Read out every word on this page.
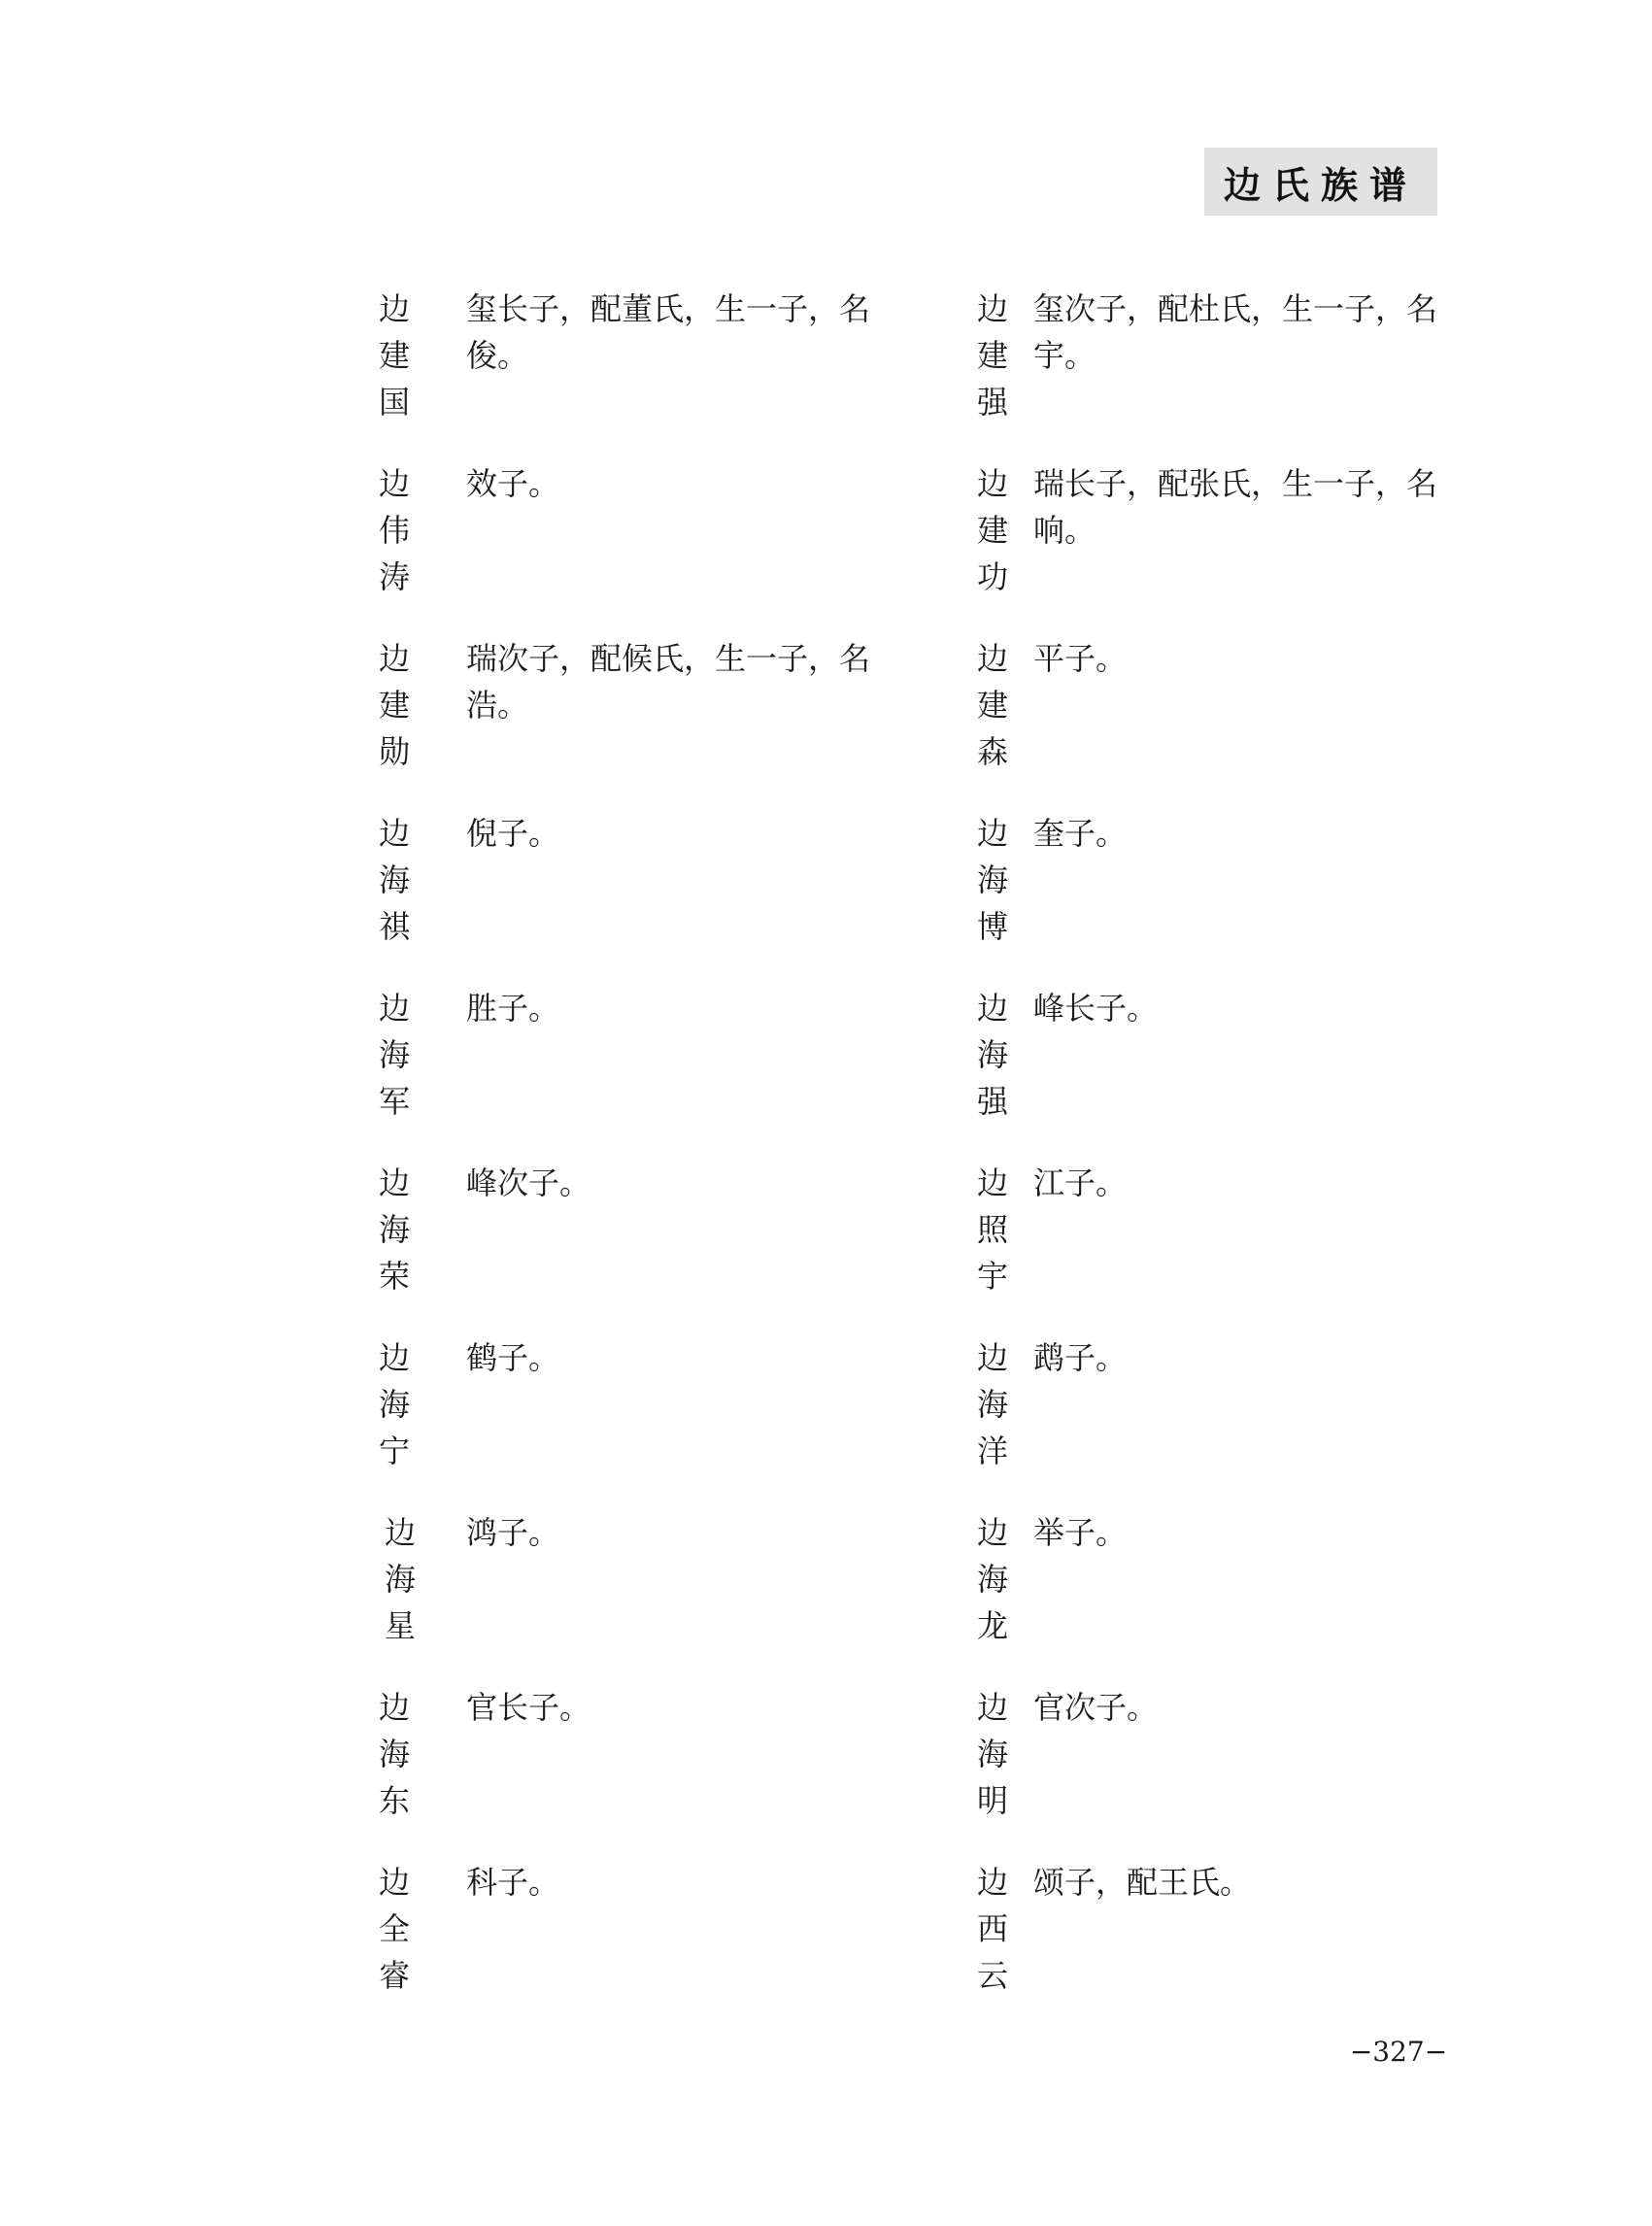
边氏族谱
边建国
玺长子，配董氏，生一子，名俊。
边伟涛
效子。
边建勋
瑞次子，配候氏，生一子，名浩。
边海祺
倪子。
边海军
胜子。
边海荣
峰次子。
边海宁
鹤子。
边海星
鸿子。
边海东
官长子。
边全睿
科子。
边建强
玺次子，配杜氏，生一子，名宇。
边建功
瑞长子，配张氏，生一子，名响。
边建森
平子。
边海博
奎子。
边海强
峰长子。
边照宇
江子。
边海洋
鹉子。
边海龙
举子。
边海明
官次子。
边西云
颂子，配王氏。
−327−
